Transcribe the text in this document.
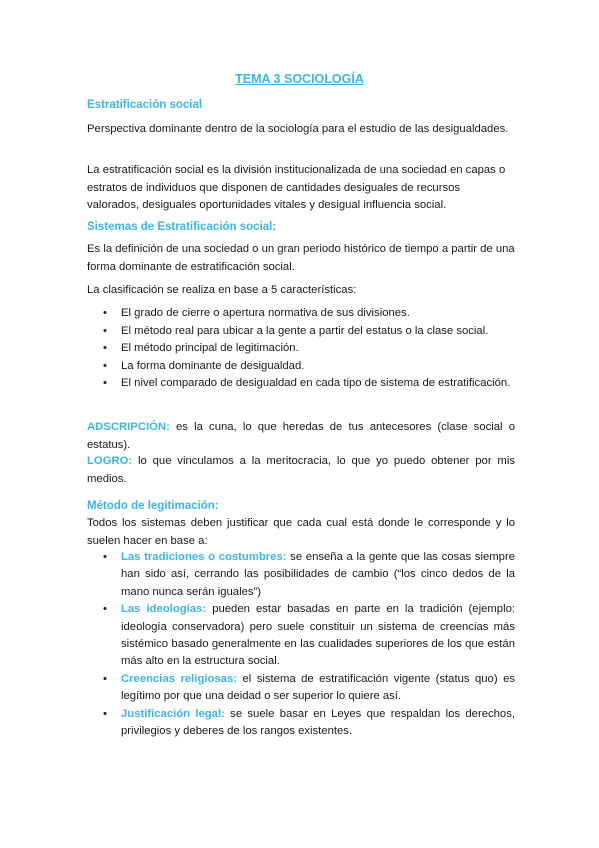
TEMA 3 SOCIOLOGÍA
Estratificación social
Perspectiva dominante dentro de la sociología para el estudio de las desigualdades.
La estratificación social es la división institucionalizada de una sociedad en capas o estratos de individuos que disponen de cantidades desiguales de recursos valorados, desiguales oportunidades vitales y desigual influencia social.
Sistemas de Estratificación social:
Es la definición de una sociedad o un gran periodo histórico de tiempo a partir de una forma dominante de estratificación social.
La clasificación se realiza en base a 5 características:
• El grado de cierre o apertura normativa de sus divisiones.
• El método real para ubicar a la gente a partir del estatus o la clase social.
• El método principal de legitimación.
• La forma dominante de desigualdad.
• El nivel comparado de desigualdad en cada tipo de sistema de estratificación.
ADSCRIPCIÓN: es la cuna, lo que heredas de tus antecesores (clase social o estatus).
LOGRO: lo que vinculamos a la meritocracia, lo que yo puedo obtener por mis medios.
Método de legitimación:
Todos los sistemas deben justificar que cada cual está donde le corresponde y lo suelen hacer en base a:
• Las tradiciones o costumbres: se enseña a la gente que las cosas siempre han sido así, cerrando las posibilidades de cambio (“los cinco dedos de la mano nunca serán iguales”)
• Las ideologías: pueden estar basadas en parte en la tradición (ejemplo: ideología conservadora) pero suele constituir un sistema de creencias más sistémico basado generalmente en las cualidades superiores de los que están más alto en la estructura social.
• Creencias religiosas: el sistema de estratificación vigente (status quo) es legítimo por que una deidad o ser superior lo quiere así.
• Justificación legal: se suele basar en Leyes que respaldan los derechos, privilegios y deberes de los rangos existentes.
